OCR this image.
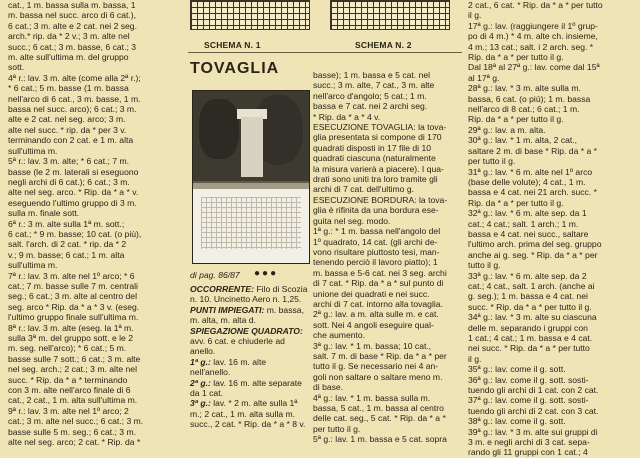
cat., 1 m. bassa sulla m. bassa, 1

m. bassa nel succ. arco di 6 cat.),

6 cat.; 3 m. alte e 2 cat. nei 2 seg.

arch.* rip. da * 2 v.; 3 m. alte nel

succ.; 6 cat.; 3 m. basse, 6 cat.; 3

m. alte sull'ultima m. del gruppo

sott.

4ª r.: lav. 3 m. alte (come alla 2ª r.);

* 6 cat.; 5 m. basse (1 m. bassa

nell'arco di 6 cat., 3 m. basse, 1 m.

bassa nel succ. arco); 6 cat.; 3 m.

alte e 2 cat. nel seg. arco; 3 m.

alte nel succ. * rip. da * per 3 v.

terminando con 2 cat. e 1 m. alta

sull'ultima m.

5ª r.: lav. 3 m. alte; * 6 cat.; 7 m.

basse (le 2 m. laterali si eseguono

negli archi di 6 cat.); 6 cat.; 3 m.

alte nel seg. arco. * Rip. da * a * v.

eseguendo l'ultimo gruppo di 3 m.

sulla m. finale sott.

6ª r.: 3 m. alte sulla 1ª m. sott.;

6 cat.; * 9 m. basse; 10 cat. (o più),

salt. l'arch. di 2 cat. * rip. da * 2

v.; 9 m. basse; 6 cat.; 1 m. alta

sull'ultima m.

7ª r.: lav. 3 m. alte nel 1º arco; * 6

cat.; 7 m. basse sulle 7 m. centrali

seg.; 6 cat.; 3 m. alte al centro del

seg. arco * Rip. da * a * 3 v. (eseg.

l'ultimo gruppo finale sull'ultima m.

8ª r.: lav. 3 m. alte (eseg. la 1ª m.

sulla 3ª m. del gruppo sott. e le 2

m. seg. nell'arco); * 6 cat.; 5 m.

basse sulle 7 sott.; 6 cat.; 3 m. alte

nel seg. arch.; 2 cat.; 3 m. alte nel

succ. * Rip. da * a * terminando

con 3 m. alte nell'arco finale di 6

cat., 2 cat., 1 m. alta sull'ultima m.

9ª r.: lav. 3 m. alte nel 1º arco; 2

cat.; 3 m. alte nel succ.; 6 cat.; 3 m.

basse sulle 5 m. seg.; 6 cat.; 3 m.

alte nel seg. arco; 2 cat. * Rip. da *

SCHEMA N. 1	SCHEMA N. 2
TOVAGLIA
di pag. 86/87 ●●●

OCCORRENTE: Filo di Scozia n. 10. Uncinetto Aero n. 1,25.

PUNTI IMPIEGATI: m. bassa, m. alta, m. alta d.

SPIEGAZIONE QUADRATO: avv. 6 cat. e chiuderle ad anello.

1ª g.: lav. 16 m. alte nell'anello.

2ª g.: lav. 16 m. alte separate da 1 cat.

3ª g.: lav. * 2 m. alte sulla 1ª m.; 2 cat., 1 m. alta sulla m. succ., 2 cat. * Rip. da * a * 8 v.

basse); 1 m. bassa e 5 cat. nel

succ.; 3 m. alte, 7 cat., 3 m. alte

nell'arco d'angolo; 5 cat.; 1 m.

bassa e 7 cat. nei 2 archi seg.

* Rip. da * a * 4 v.

ESECUZIONE TOVAGLIA: la tova-

glia presentata si compone di 170

quadrati disposti in 17 file di 10

quadrati ciascuna (naturalmente

la misura varierà a piacere). I qua-

drati sono uniti tra loro tramite gli

archi di 7 cat. dell'ultimo g.

ESECUZIONE BORDURA: la tova-

glia è rifinita da una bordura ese-

guita nel seg. modo.

1ª g.: * 1 m. bassa nell'angolo del

1º quadrato, 14 cat. (gli archi de-

vono risultare piuttosto tesi, man-

tenendo perciò il lavoro piatto); 1

m. bassa e 5-6 cat. nei 3 seg. archi

di 7 cat. * Rip. da * a * sul punto di

unione dei quadrati e nei succ.

archi di 7 cat. intorno alla tovaglia.

2ª g.: lav. a m. alta sulle m. e cat.

sott. Nei 4 angoli eseguire qual-

che aumento.

3ª g.: lav. * 1 m. bassa; 10 cat.,

salt. 7 m. di base * Rip. da * a * per

tutto il g. Se necessario nei 4 an-

goli non saltare o saltare meno m.

di base.

4ª g.: lav. * 1 m. bassa sulla m.

bassa, 5 cat., 1 m. bassa al centro

delle cat. seg., 5 cat. * Rip. da * a *

per tutto il g.

5ª g.: lav. 1 m. bassa e 5 cat. sopra

2 cat., 6 cat. * Rip. da * a * per tutto

il g.

17ª g.: lav. (raggiungere il 1º grup-

po di 4 m.) * 4 m. alte ch. insieme,

4 m.; 13 cat.; salt. i 2 arch. seg. *

Rip. da * a * per tutto il g.

Dal 18ª al 27ª g.: lav. come dal 15ª

al 17ª g.

28ª g.: lav. * 3 m. alte sulla m.

bassa, 6 cat. (o più); 1 m. bassa

nell'arco di 8 cat.; 6 cat.; 1 m.

Rip. da * a * per tutto il g.

29ª g.: lav. a m. alta.

30ª g.: lav. * 1 m. alta, 2 cat.,

saltare 2 m. di base * Rip. da * a *

per tutto il g.

31ª g.: lav. * 6 m. alte nel 1º arco

(base delle volute); 4 cat., 1 m.

bassa e 4 cat. nei 21 arch. succ. *

Rip. da * a * per tutto il g.

32ª g.: lav. * 6 m. alte sep. da 1

cat.; 4 cat.; salt. 1 arch.; 1 m.

bassa e 4 cat. nei succ., saltare

l'ultimo arch. prima del seg. gruppo

anche ai g. seg. * Rip. da * a * per

tutto il g.

33ª g.: lav. * 6 m. alte sep. da 2

cat.; 4 cat., salt. 1 arch. (anche ai

g. seg.); 1 m. bassa e 4 cat. nei

succ. * Rip. da * a * per tutto il g.

34ª g.: lav. * 3 m. alte su ciascuna

delle m. separando i gruppi con

1 cat.; 4 cat.; 1 m. bassa e 4 cat.

nei succ. * Rip. da * a * per tutto

il g.

35ª g.: lav. come il g. sott.

36ª g.: lav. come il g. sott. sosti-

tuendo gli archi di 1 cat. con 2 cat.

37ª g.: lav. come il g. sott. sosti-

tuendo gli archi di 2 cat. con 3 cat.

38ª g.: lav. come il g. sott.

39ª g.: lav. * 3 m. alte sui gruppi di

3 m. e negli archi di 3 cat. sepa-

rando gli 11 gruppi con 1 cat.; 4
